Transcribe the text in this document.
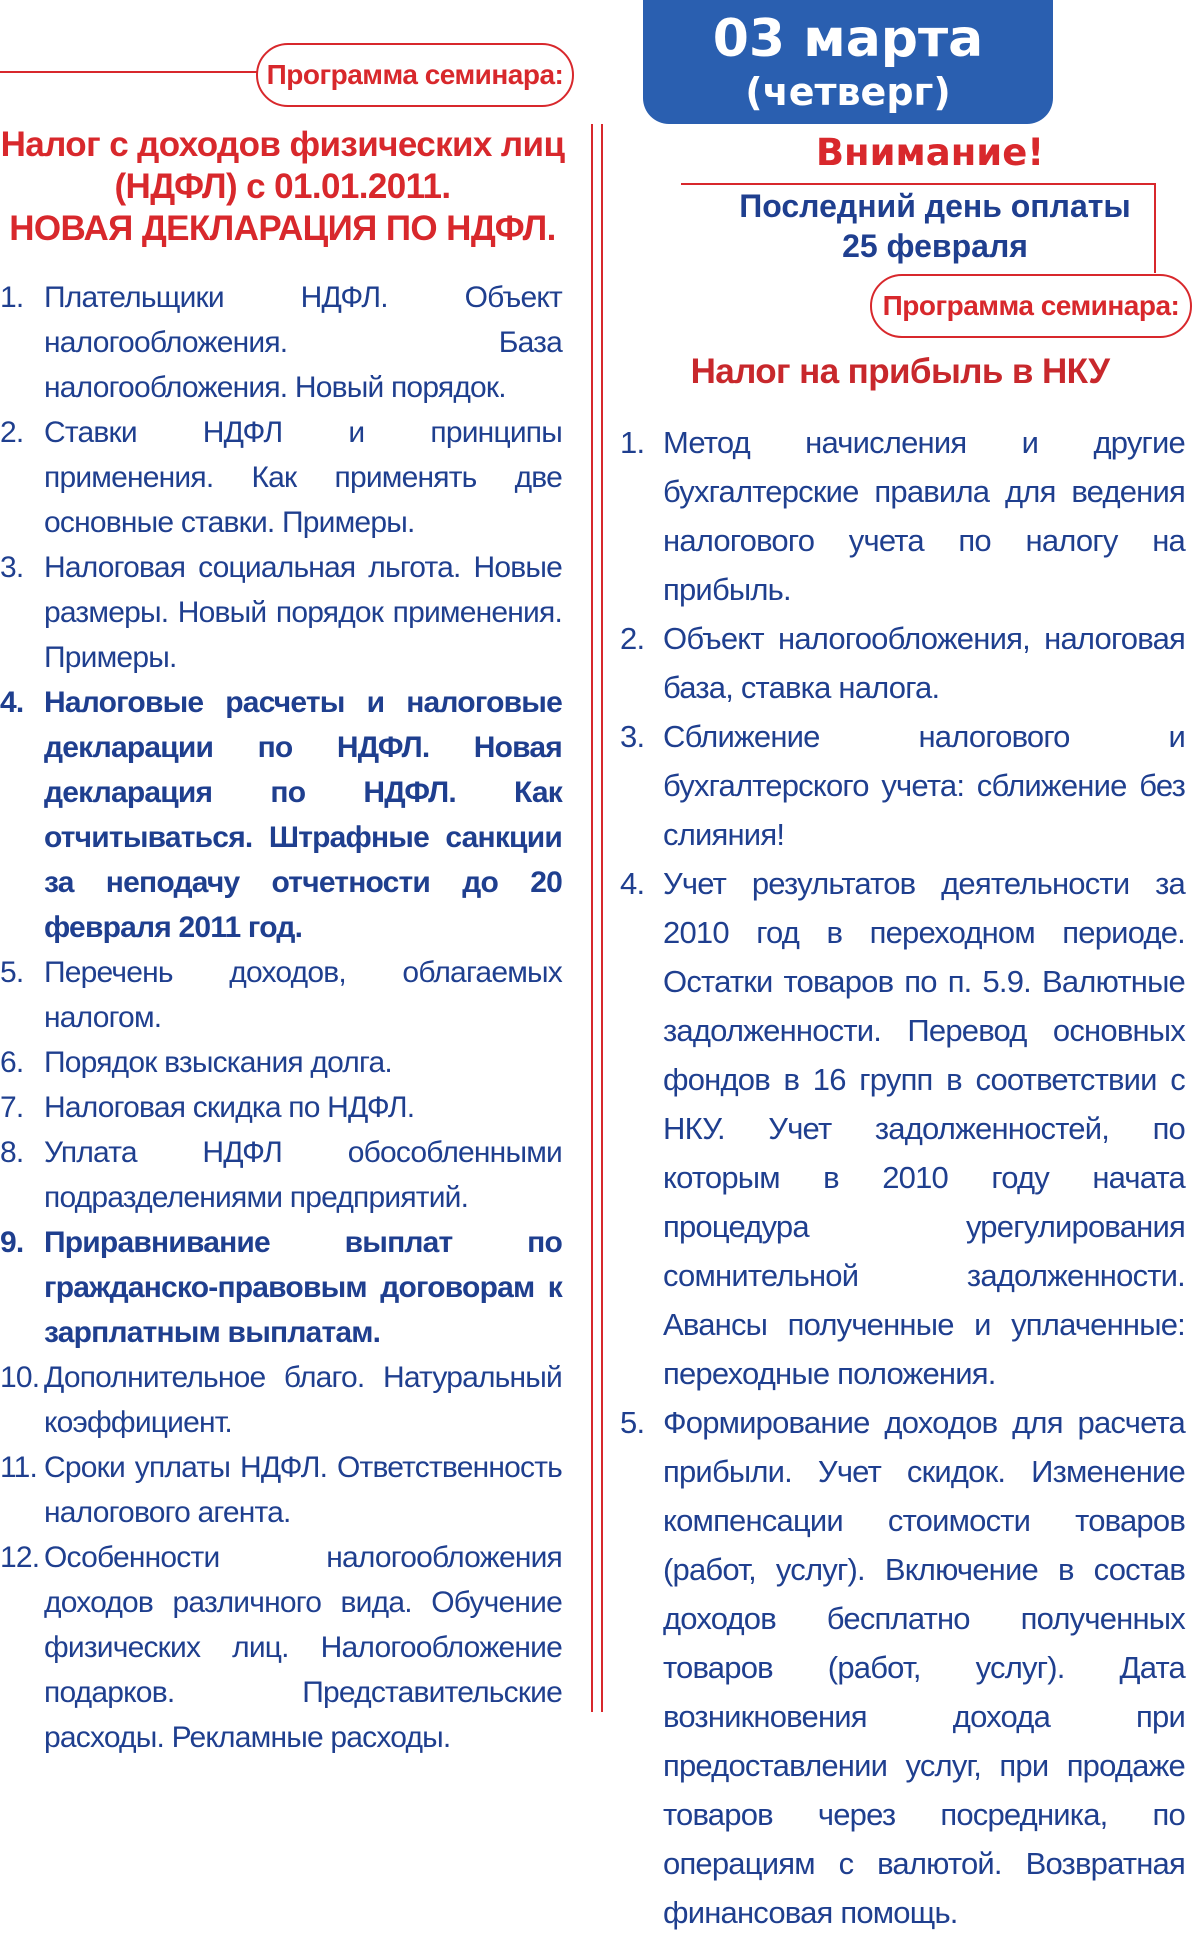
Программа семинара:
03 марта
(четверг)
Внимание!
Последний день оплаты
25 февраля
Программа семинара:
Налог с доходов физических лиц
(НДФЛ) с 01.01.2011.
НОВАЯ ДЕКЛАРАЦИЯ ПО НДФЛ.
Налог на прибыль в НКУ
1. Плательщики НДФЛ. Объект налогообложения. База налогообложения. Новый порядок.
2. Ставки НДФЛ и принципы применения. Как применять две основные ставки. Примеры.
3. Налоговая социальная льгота. Новые размеры. Новый порядок применения. Примеры.
4. Налоговые расчеты и налоговые декларации по НДФЛ. Новая декларация по НДФЛ. Как отчитываться. Штрафные санкции за неподачу отчетности до 20 февраля 2011 год.
5. Перечень доходов, облагаемых налогом.
6. Порядок взыскания долга.
7. Налоговая скидка по НДФЛ.
8. Уплата НДФЛ обособленными подразделениями предприятий.
9. Приравнивание выплат по гражданско-правовым договорам к зарплатным выплатам.
10. Дополнительное благо. Натуральный коэффициент.
11. Сроки уплаты НДФЛ. Ответственность налогового агента.
12. Особенности налогообложения доходов различного вида. Обучение физических лиц. Налогообложение подарков. Представительские расходы. Рекламные расходы.
1. Метод начисления и другие бухгалтерские правила для ведения налогового учета по налогу на прибыль.
2. Объект налогообложения, налоговая база, ставка налога.
3. Сближение налогового и бухгалтерского учета: сближение без слияния!
4. Учет результатов деятельности за 2010 год в переходном периоде. Остатки товаров по п. 5.9. Валютные задолженности. Перевод основных фондов в 16 групп в соответствии с НКУ. Учет задолженностей, по которым в 2010 году начата процедура урегулирования сомнительной задолженности. Авансы полученные и уплаченные: переходные положения.
5. Формирование доходов для расчета прибыли. Учет скидок. Изменение компенсации стоимости товаров (работ, услуг). Включение в состав доходов бесплатно полученных товаров (работ, услуг). Дата возникновения дохода при предоставлении услуг, при продаже товаров через посредника, по операциям с валютой. Возвратная финансовая помощь.
